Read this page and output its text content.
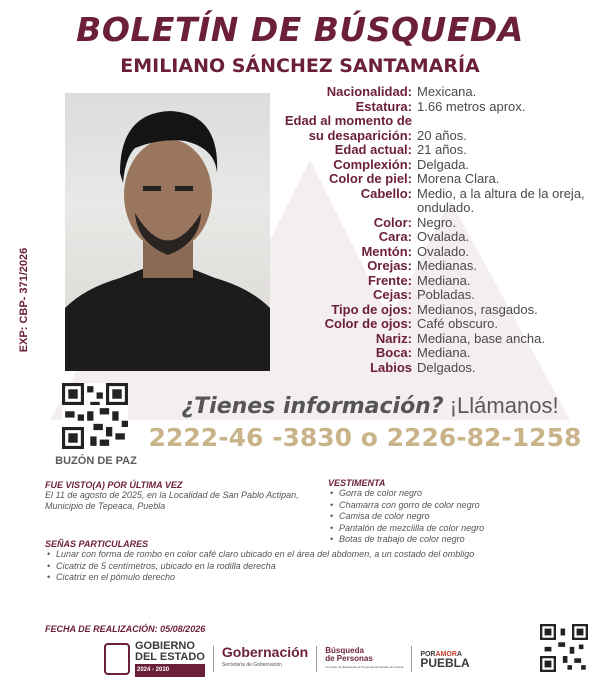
BOLETÍN DE BÚSQUEDA
EMILIANO SÁNCHEZ SANTAMARÍA
EXP: CBP- 371/2026
Nacionalidad: Mexicana.
Estatura: 1.66 metros aprox.
Edad al momento de su desaparición: 20 años.
Edad actual: 21 años.
Complexión: Delgada.
Color de piel: Morena Clara.
Cabello: Medio, a la altura de la oreja, ondulado.
Color: Negro.
Cara: Ovalada.
Mentón: Ovalado.
Orejas: Medianas.
Frente: Mediana.
Cejas: Pobladas.
Tipo de ojos: Medianos, rasgados.
Color de ojos: Café obscuro.
Nariz: Mediana, base ancha.
Boca: Mediana.
Labios Delgados.
BUZÓN DE PAZ
¿Tienes información? ¡Llámanos!
2222-46 -3830 o 2226-82-1258
FUE VISTO(A) POR ÚLTIMA VEZ
El 11 de agosto de 2025, en la Localidad de San Pablo Actipan, Municipio de Tepeaca, Puebla
VESTIMENTA
• Gorra de color negro
• Chamarra con gorro de color negro
• Camisa de color negro
• Pantalón de mezclilla de color negro
• Botas de trabajo de color negro
SEÑAS PARTICULARES
• Lunar con forma de rombo en color café claro ubicado en el área del abdomen, a un costado del ombligo
• Cicatriz de 5 centímetros, ubicado en la rodilla derecha
• Cicatriz en el pómulo derecho
FECHA DE REALIZACIÓN: 05/08/2026
GOBIERNO
DEL ESTADO
2024 - 2030
Gobernación
Secretaría de Gobernación
Búsqueda
de Personas
Comisión de Búsqueda de Personas del Estado de Puebla
PORAMORA
PUEBLA
